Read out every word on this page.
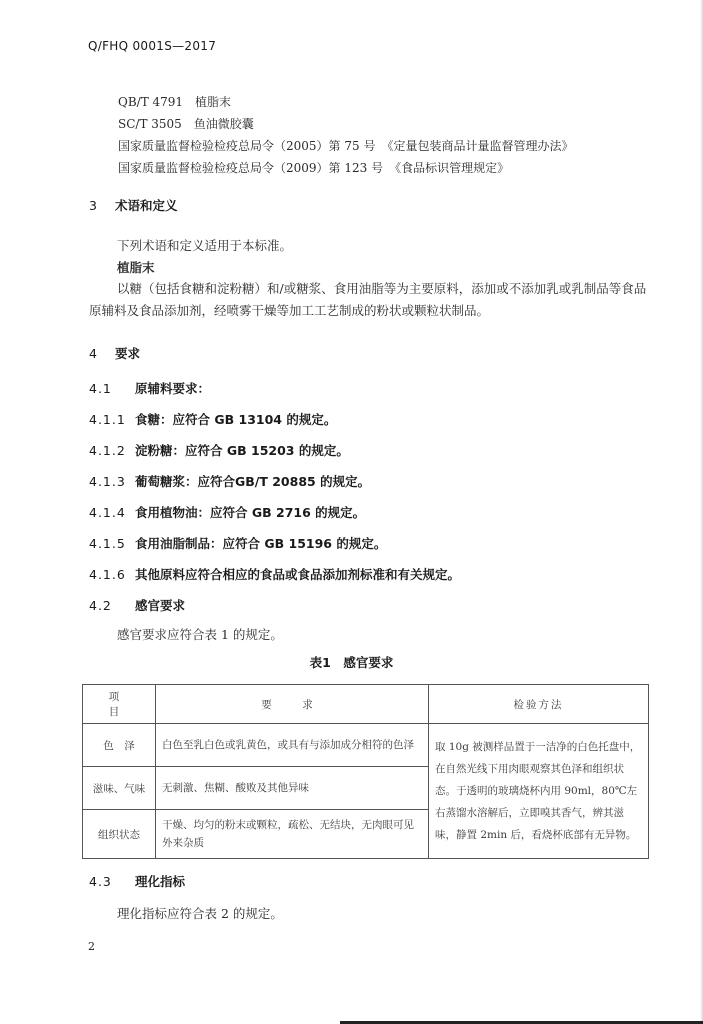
Q/FHQ 0001S—2017
QB/T 4791　植脂末
SC/T 3505　鱼油微胶囊
国家质量监督检验检疫总局令（2005）第 75 号　《定量包装商品计量监督管理办法》
国家质量监督检验检疫总局令（2009）第 123 号　《食品标识管理规定》
3 术语和定义
下列术语和定义适用于本标准。
植脂末
以糖（包括食糖和淀粉糖）和/或糖浆、食用油脂等为主要原料，添加或不添加乳或乳制品等食品原辅料及食品添加剂，经喷雾干燥等加工工艺制成的粉状或颗粒状制品。
4 要求
4.1 原辅料要求：
4.1.1 食糖：应符合 GB 13104 的规定。
4.1.2 淀粉糖：应符合 GB 15203 的规定。
4.1.3 葡萄糖浆：应符合GB/T 20885 的规定。
4.1.4 食用植物油：应符合 GB 2716 的规定。
4.1.5 食用油脂制品：应符合 GB 15196 的规定。
4.1.6 其他原料应符合相应的食品或食品添加剂标准和有关规定。
4.2 感官要求
感官要求应符合表 1 的规定。
表1　感官要求
项　目	要　求	检验方法
色　泽	白色至乳白色或乳黄色，或具有与添加成分相符的色泽	取 10g 被测样品置于一洁净的白色托盘中，在自然光线下用肉眼观察其色泽和组织状态。于透明的玻璃烧杯内用 90ml，80℃左右蒸馏水溶解后，立即嗅其香气，辨其滋味，静置 2min 后，看烧杯底部有无异物。
滋味、气味	无刺激、焦糊、酸败及其他异味	
组织状态	干燥、均匀的粉末或颗粒，疏松、无结块，无肉眼可见外来杂质	
4.3 理化指标
理化指标应符合表 2 的规定。
2
